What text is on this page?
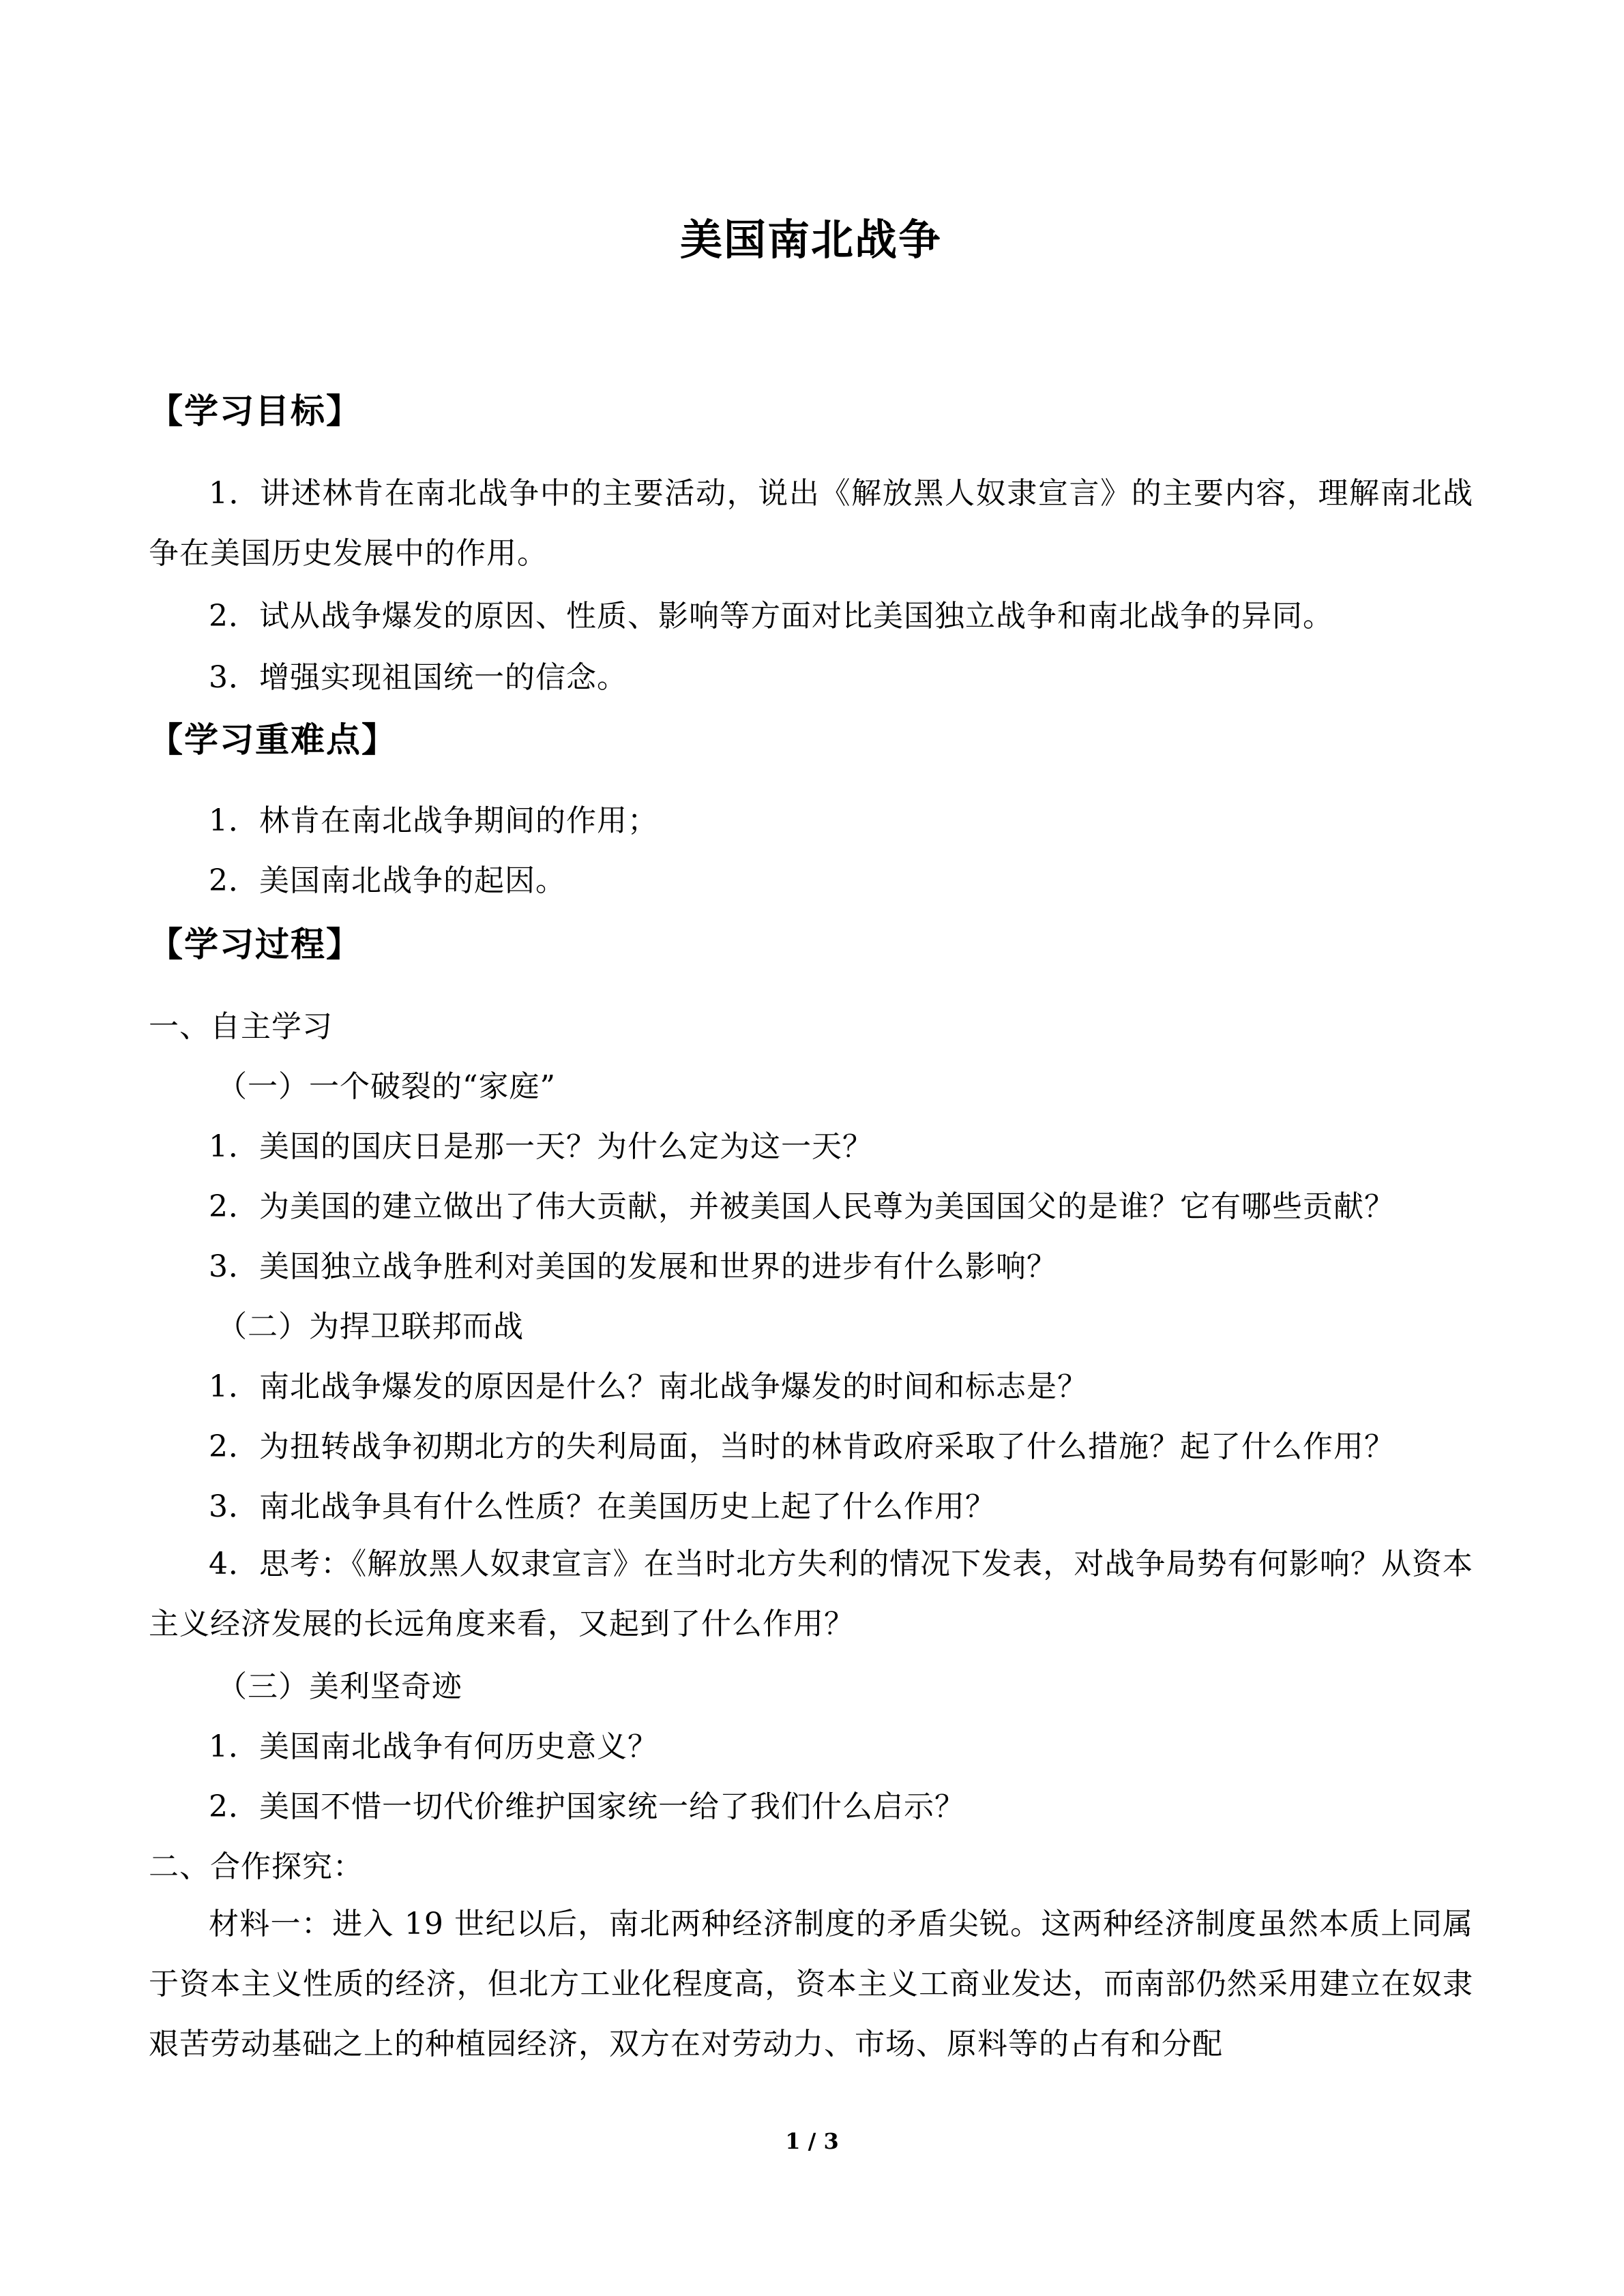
美国南北战争
【学习目标】

1．讲述林肯在南北战争中的主要活动，说出《解放黑人奴隶宣言》的主要内容，理解南北战争在美国历史发展中的作用。

2．试从战争爆发的原因、性质、影响等方面对比美国独立战争和南北战争的异同。
3．增强实现祖国统一的信念。
【学习重难点】
1．林肯在南北战争期间的作用；
2．美国南北战争的起因。
【学习过程】
一、自主学习
（一）一个破裂的“家庭”
1．美国的国庆日是那一天？为什么定为这一天？
2．为美国的建立做出了伟大贡献，并被美国人民尊为美国国父的是谁？它有哪些贡献？
3．美国独立战争胜利对美国的发展和世界的进步有什么影响？
（二）为捍卫联邦而战
1．南北战争爆发的原因是什么？南北战争爆发的时间和标志是？
2．为扭转战争初期北方的失利局面，当时的林肯政府采取了什么措施？起了什么作用？
3．南北战争具有什么性质？在美国历史上起了什么作用？

4．思考：《解放黑人奴隶宣言》在当时北方失利的情况下发表，对战争局势有何影响？从资本主义经济发展的长远角度来看，又起到了什么作用？

（三）美利坚奇迹
1．美国南北战争有何历史意义？
2．美国不惜一切代价维护国家统一给了我们什么启示？
二、合作探究：

材料一：进入 19 世纪以后，南北两种经济制度的矛盾尖锐。这两种经济制度虽然本质上同属于资本主义性质的经济，但北方工业化程度高，资本主义工商业发达，而南部仍然采用建立在奴隶艰苦劳动基础之上的种植园经济，双方在对劳动力、市场、原料等的占有和分配

1 / 3
